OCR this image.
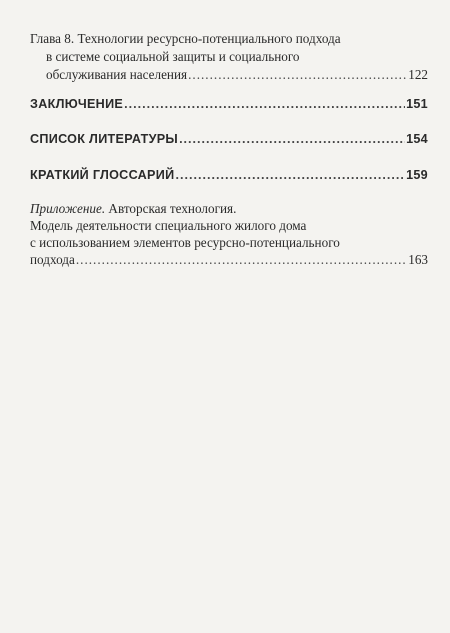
Глава 8. Технологии ресурсно-потенциального подхода
в системе социальной защиты и социального
обслуживания населения .....	122
ЗАКЛЮЧЕНИЕ .....	151
СПИСОК ЛИТЕРАТУРЫ .....	154
КРАТКИЙ ГЛОССАРИЙ .....	159
Приложение. Авторская технология.
Модель деятельности специального жилого дома
с использованием элементов ресурсно-потенциального
подхода .....	163
